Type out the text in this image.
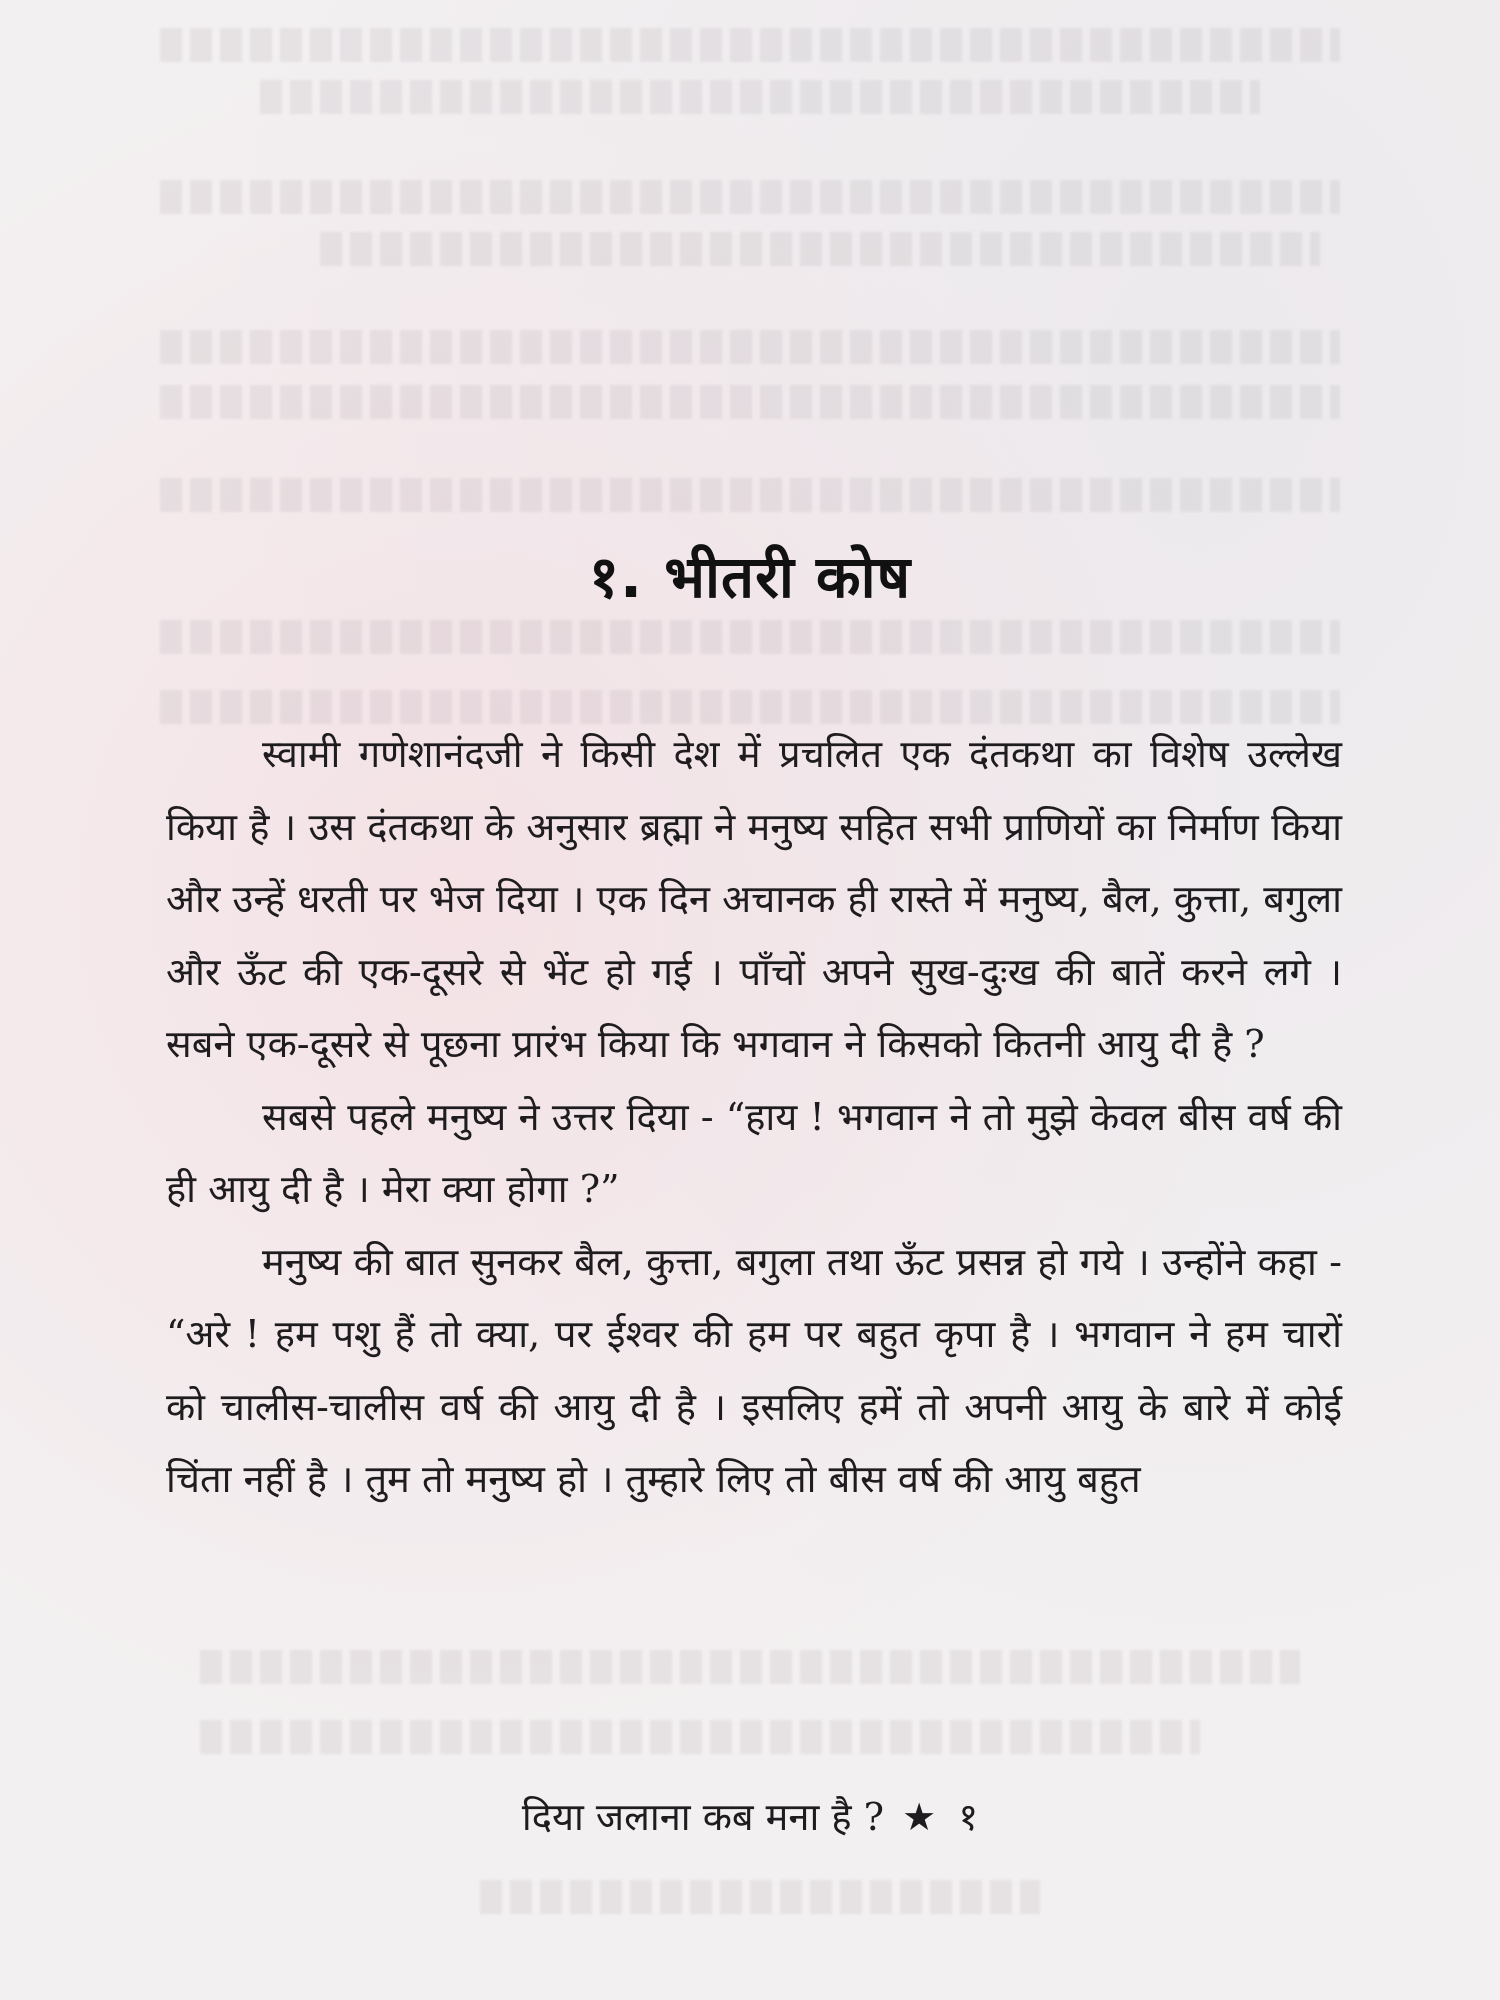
१. भीतरी कोष

स्वामी गणेशानंदजी ने किसी देश में प्रचलित एक दंतकथा का विशेष उल्लेख किया है । उस दंतकथा के अनुसार ब्रह्मा ने मनुष्य सहित सभी प्राणियों का निर्माण किया और उन्हें धरती पर भेज दिया । एक दिन अचानक ही रास्ते में मनुष्य, बैल, कुत्ता, बगुला और ऊँट की एक-दूसरे से भेंट हो गई । पाँचों अपने सुख-दुःख की बातें करने लगे । सबने एक-दूसरे से पूछना प्रारंभ किया कि भगवान ने किसको कितनी आयु दी है ?

सबसे पहले मनुष्य ने उत्तर दिया - “हाय ! भगवान ने तो मुझे केवल बीस वर्ष की ही आयु दी है । मेरा क्या होगा ?”

मनुष्य की बात सुनकर बैल, कुत्ता, बगुला तथा ऊँट प्रसन्न हो गये । उन्होंने कहा - “अरे ! हम पशु हैं तो क्या, पर ईश्वर की हम पर बहुत कृपा है । भगवान ने हम चारों को चालीस-चालीस वर्ष की आयु दी है । इसलिए हमें तो अपनी आयु के बारे में कोई चिंता नहीं है । तुम तो मनुष्य हो । तुम्हारे लिए तो बीस वर्ष की आयु बहुत

दिया जलाना कब मना है ? ★ १
